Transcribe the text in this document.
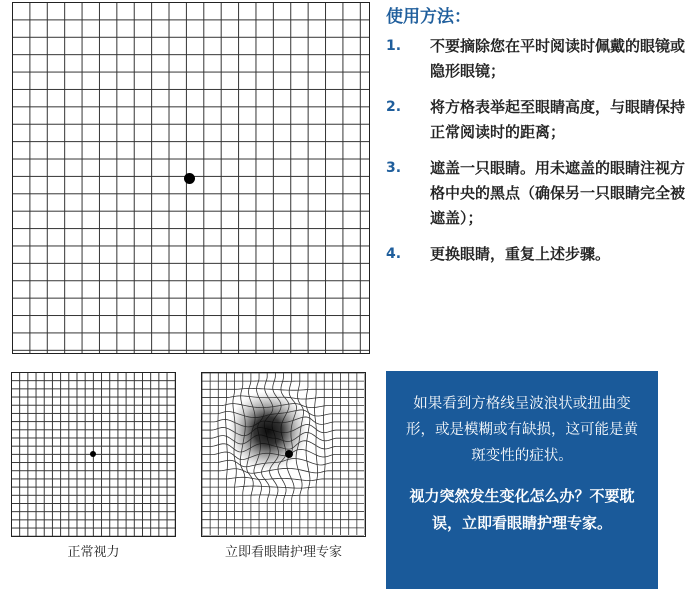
正常视力	立即看眼睛护理专家
使用方法：
1.	不要摘除您在平时阅读时佩戴的眼镜或隐形眼镜；
2.	将方格表举起至眼睛高度，与眼睛保持正常阅读时的距离；
3.	遮盖一只眼睛。用未遮盖的眼睛注视方格中央的黑点（确保另一只眼睛完全被遮盖）；
4.	更换眼睛，重复上述步骤。

如果看到方格线呈波浪状或扭曲变形，或是模糊或有缺损，这可能是黄斑变性的症状。

视力突然发生变化怎么办？不要耽误，立即看眼睛护理专家。
